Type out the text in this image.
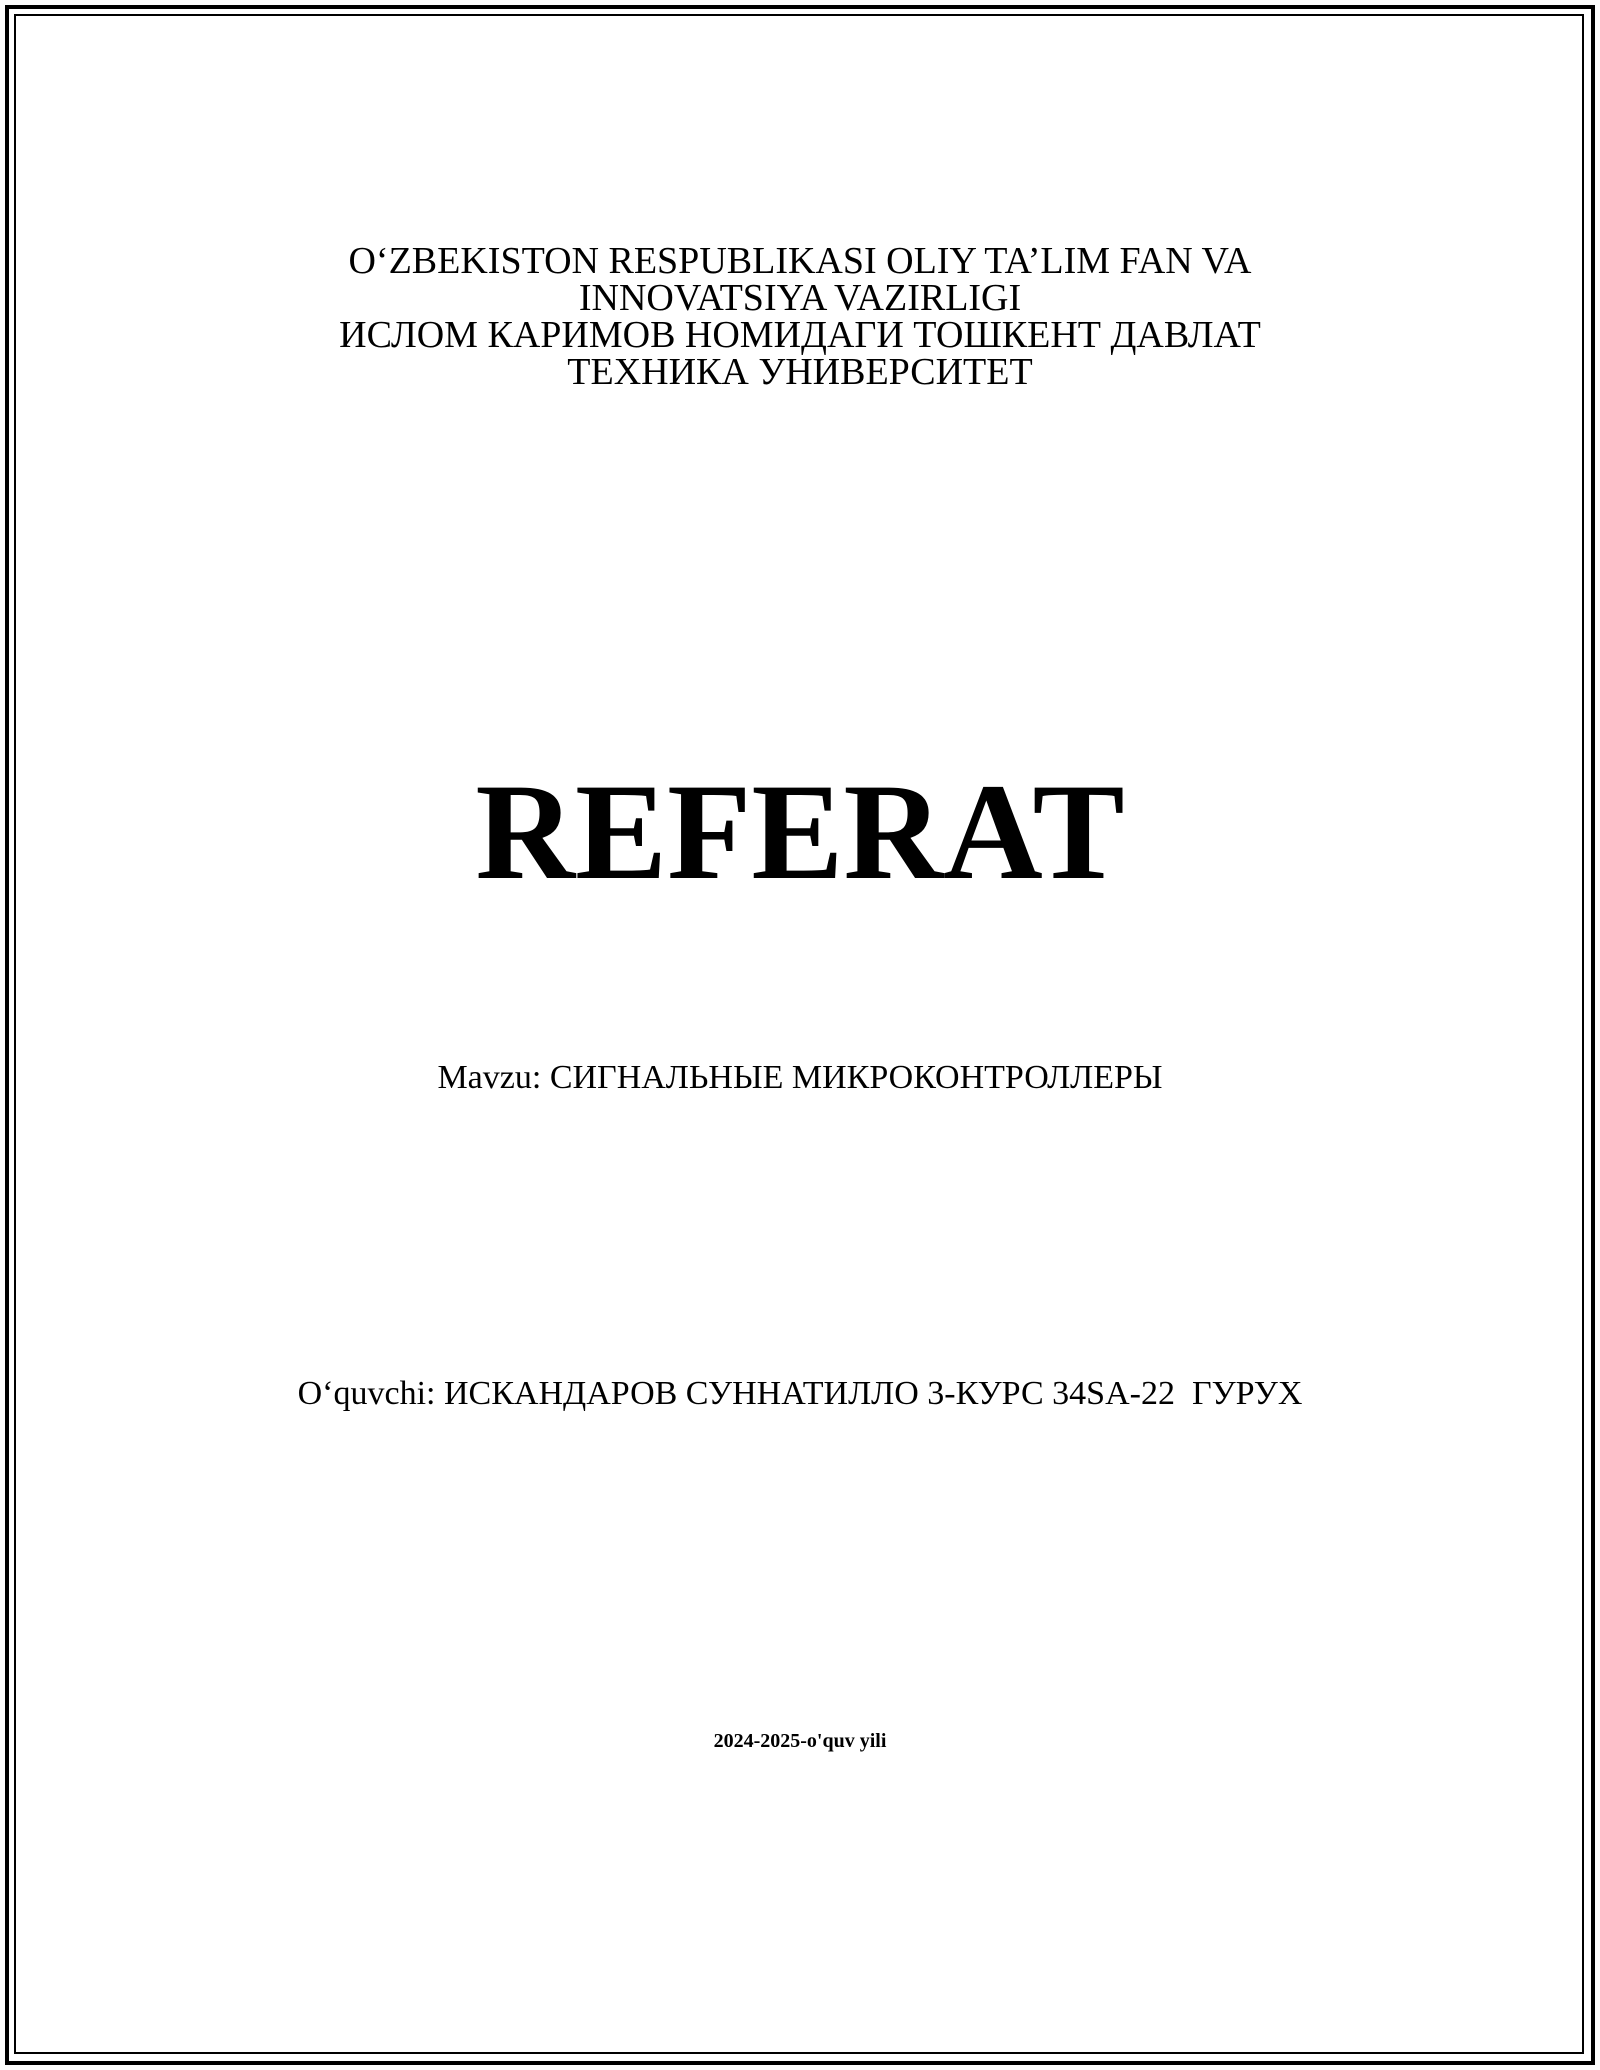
O‘ZBEKISTON RESPUBLIKASI OLIY TA’LIM FAN VA
INNOVATSIYA VAZIRLIGI
ИСЛОМ КАРИМОВ НОМИДАГИ ТОШКЕНТ ДАВЛАТ
ТЕХНИКА УНИВЕРСИТЕТ
REFERAT
Mavzu: СИГНАЛЬНЫЕ МИКРОКОНТРОЛЛЕРЫ
O‘quvchi: ИСКАНДАРОВ СУННАТИЛЛО 3-КУРС 34SA-22  ГУРУХ
2024-2025-o'quv yili
